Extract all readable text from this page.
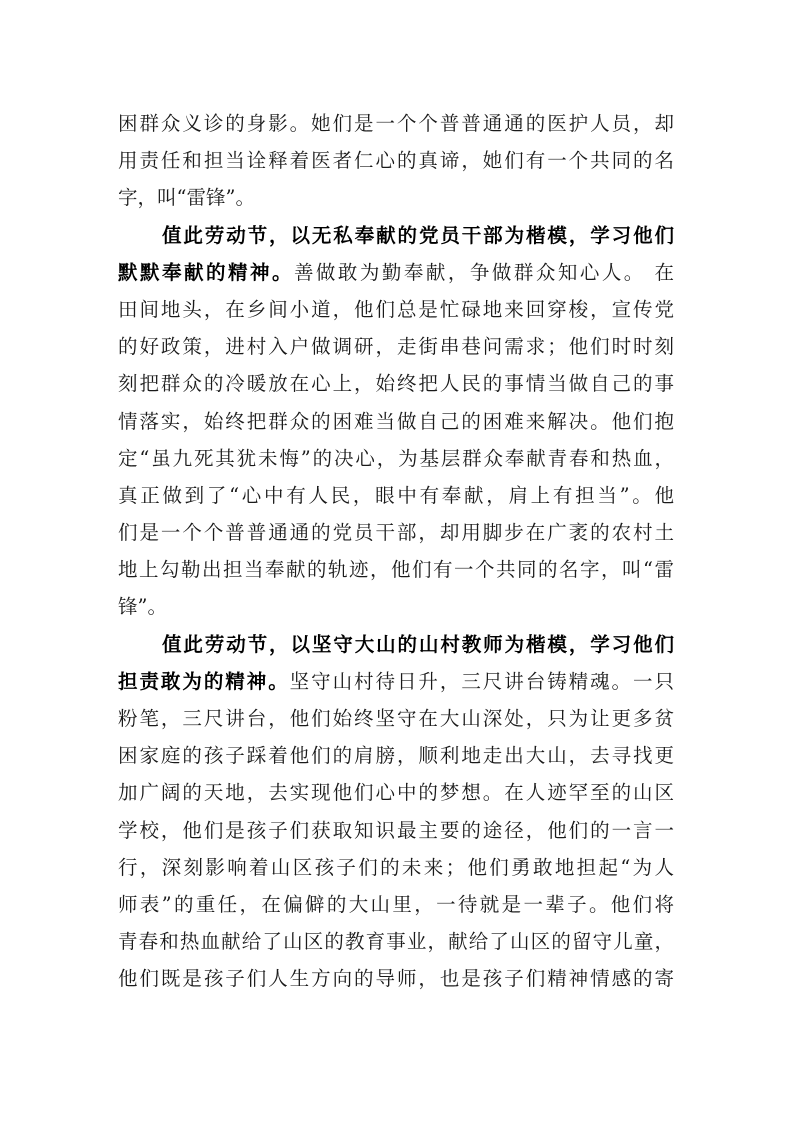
困群众义诊的身影。她们是一个个普普通通的医护人员，却
用责任和担当诠释着医者仁心的真谛，她们有一个共同的名
字，叫“雷锋”。
值此劳动节，以无私奉献的党员干部为楷模，学习他们
默默奉献的精神。善做敢为勤奉献，争做群众知心人。 在
田间地头，在乡间小道，他们总是忙碌地来回穿梭，宣传党
的好政策，进村入户做调研，走街串巷问需求；他们时时刻
刻把群众的冷暖放在心上，始终把人民的事情当做自己的事
情落实，始终把群众的困难当做自己的困难来解决。他们抱
定“虽九死其犹未悔”的决心，为基层群众奉献青春和热血，
真正做到了“心中有人民，眼中有奉献，肩上有担当”。他
们是一个个普普通通的党员干部，却用脚步在广袤的农村土
地上勾勒出担当奉献的轨迹，他们有一个共同的名字，叫“雷
锋”。
值此劳动节，以坚守大山的山村教师为楷模，学习他们
担责敢为的精神。坚守山村待日升，三尺讲台铸精魂。一只
粉笔，三尺讲台，他们始终坚守在大山深处，只为让更多贫
困家庭的孩子踩着他们的肩膀，顺利地走出大山，去寻找更
加广阔的天地，去实现他们心中的梦想。在人迹罕至的山区
学校，他们是孩子们获取知识最主要的途径，他们的一言一
行，深刻影响着山区孩子们的未来；他们勇敢地担起“为人
师表”的重任，在偏僻的大山里，一待就是一辈子。他们将
青春和热血献给了山区的教育事业，献给了山区的留守儿童，
他们既是孩子们人生方向的导师，也是孩子们精神情感的寄
